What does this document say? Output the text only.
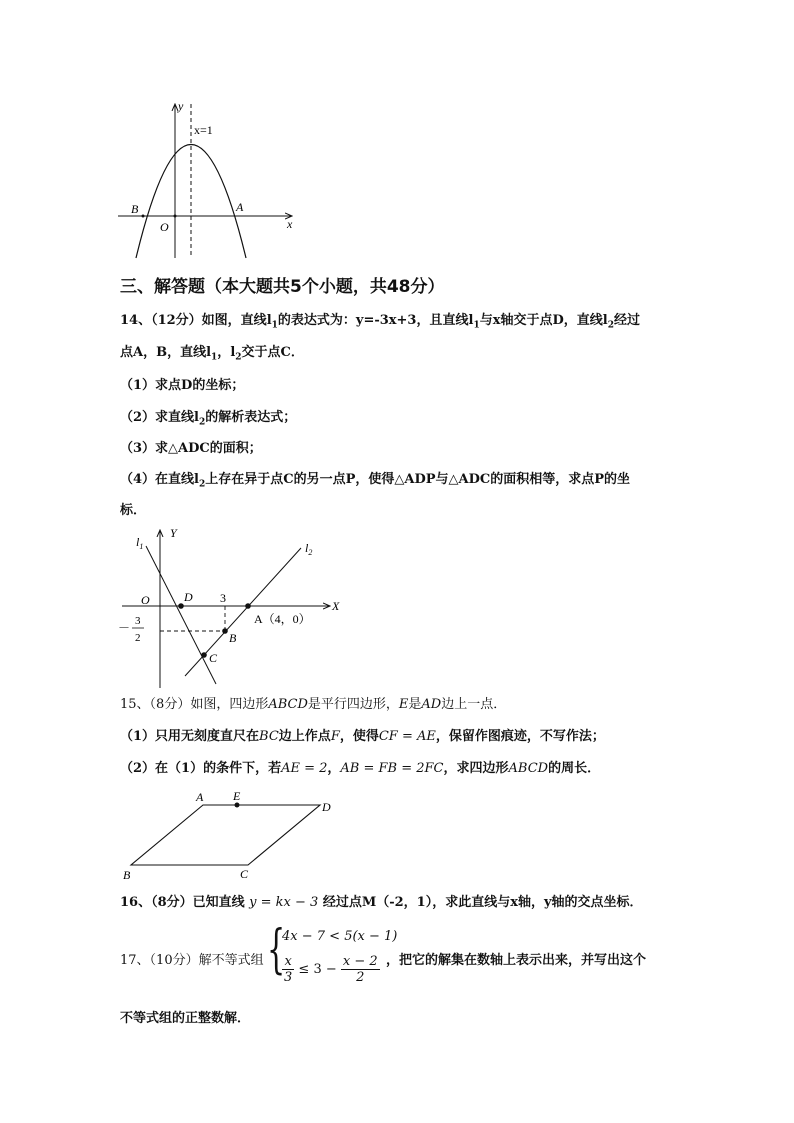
y
x
x=1
B	A
O
三、解答题（本大题共5个小题，共48分）
14、（12分）如图，直线$l_1$的表达式为：y=-3x+3，且直线$l_1$与x轴交于点D，直线$l_2$经过
点A，B，直线$l_1$，$l_2$交于点C．
（1）求点D的坐标；
（2）求直线$l_2$的解析表达式；
（3）求△ADC的面积；
（4）在直线$l_2$上存在异于点C的另一点P，使得△ADP与△ADC的面积相等，求点P的坐
标．
$l_1$	$l_2$
Y
X
O	D 3
A（4，0）
B
C
－ 3
2
15、（8分）如图，四边形ABCD是平行四边形，E是AD边上一点．
（1）只用无刻度直尺在BC边上作点F，使得CF = AE，保留作图痕迹，不写作法；
（2）在（1）的条件下，若AE = 2，AB = FB = 2FC，求四边形ABCD的周长．
A E
D
B	C
16、（8分）已知直线 y = kx − 3 经过点M（-2，1），求此直线与x轴，y轴的交点坐标．
17、（10分）解不等式组 {
4x − 7 < 5(x − 1)
$\frac{x}{3} \le 3 - \frac{x - 2}{2}$ ，把它的解集在数轴上表示出来，并写出这个
不等式组的正整数解．
